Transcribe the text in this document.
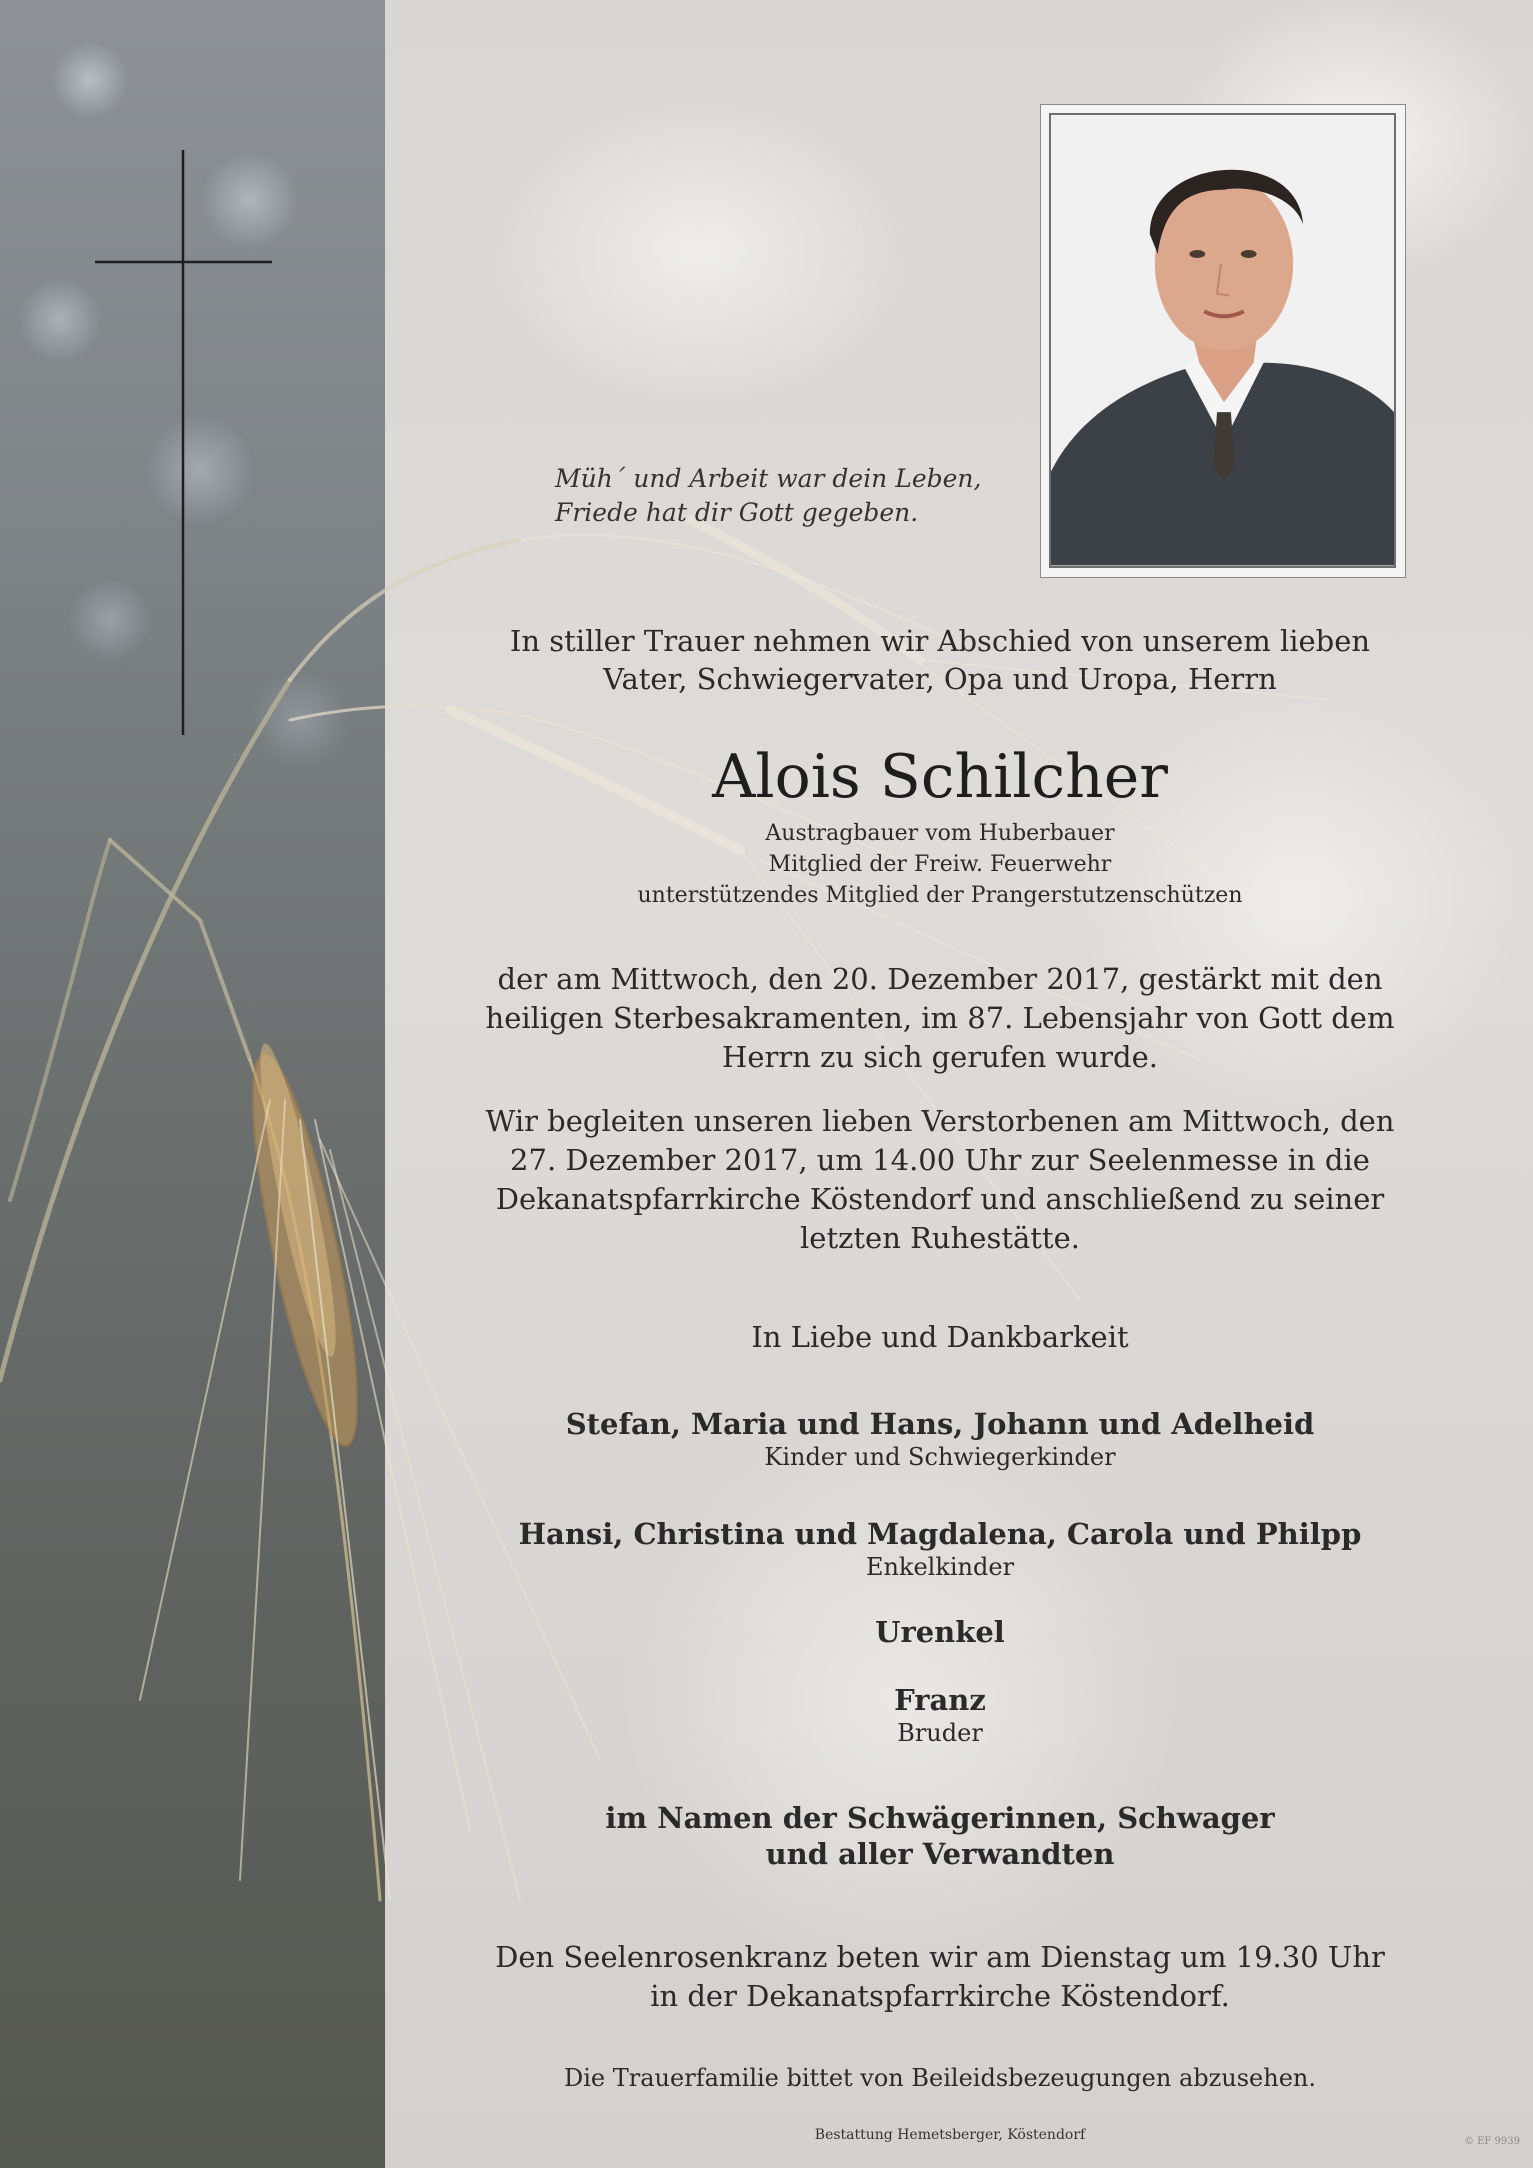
Müh´ und Arbeit war dein Leben,
Friede hat dir Gott gegeben.

In stiller Trauer nehmen wir Abschied von unserem lieben
Vater, Schwiegervater, Opa und Uropa, Herrn

Alois Schilcher

Austragbauer vom Huberbauer
Mitglied der Freiw. Feuerwehr
unterstützendes Mitglied der Prangerstutzenschützen

der am Mittwoch, den 20. Dezember 2017, gestärkt mit den
heiligen Sterbesakramenten, im 87. Lebensjahr von Gott dem
Herrn zu sich gerufen wurde.

Wir begleiten unseren lieben Verstorbenen am Mittwoch, den
27. Dezember 2017, um 14.00 Uhr zur Seelenmesse in die
Dekanatspfarrkirche Köstendorf und anschließend zu seiner
letzten Ruhestätte.

In Liebe und Dankbarkeit

Stefan, Maria und Hans, Johann und Adelheid
Kinder und Schwiegerkinder

Hansi, Christina und Magdalena, Carola und Philpp
Enkelkinder

Urenkel

Franz
Bruder

im Namen der Schwägerinnen, Schwager
und aller Verwandten

Den Seelenrosenkranz beten wir am Dienstag um 19.30 Uhr
in der Dekanatspfarrkirche Köstendorf.

Die Trauerfamilie bittet von Beileidsbezeugungen abzusehen.

Bestattung Hemetsberger, Köstendorf	© EF 9939
